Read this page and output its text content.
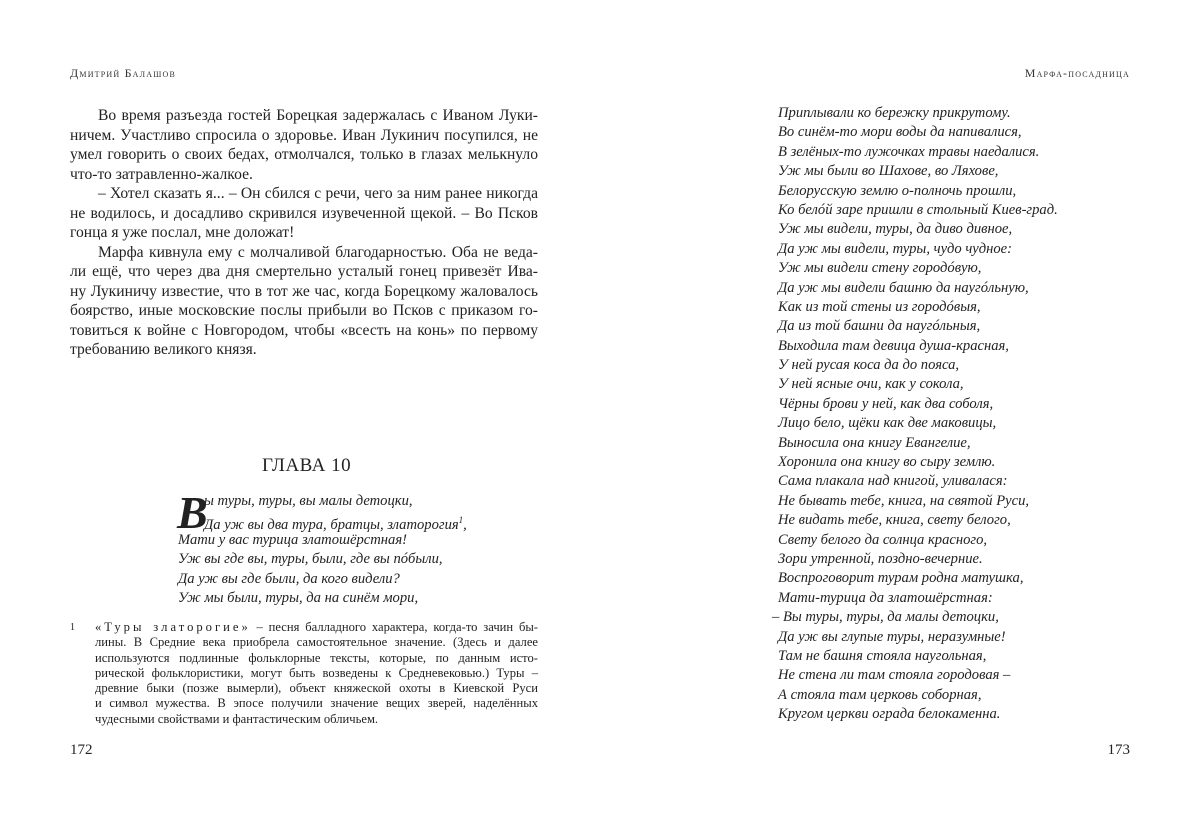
Дмитрий Балашов
Во время разъезда гостей Борецкая задержалась с Иваном Луки-
ничем. Участливо спросила о здоровье. Иван Лукинич посупился, не
умел говорить о своих бедах, отмолчался, только в глазах мелькнуло
что-то затравленно-жалкое.
– Хотел сказать я... – Он сбился с речи, чего за ним ранее никогда
не водилось, и досадливо скривился изувеченной щекой. – Во Псков
гонца я уже послал, мне доложат!
Марфа кивнула ему с молчаливой благодарностью. Оба не веда-
ли ещё, что через два дня смертельно усталый гонец привезёт Ива-
ну Лукиничу известие, что в тот же час, когда Борецкому жаловалось
боярство, иные московские послы прибыли во Псков с приказом го-
товиться к войне с Новгородом, чтобы «всесть на конь» по первому
требованию великого князя.
ГЛАВА 10
В
ы туры, туры, вы малы детоцки,
Да уж вы два тура, братцы, златорогия$^1$,
Мати у вас турица златошёрстная!
Уж вы где вы, туры, были, где вы пóбыли,
Да уж вы где были, да кого видели?
Уж мы были, туры, да на синём мори,
1 «Туры златорогие» – песня балладного характера, когда-то зачин бы-
лины. В Средние века приобрела самостоятельное значение. (Здесь и далее
используются подлинные фольклорные тексты, которые, по данным исто-
рической фольклористики, могут быть возведены к Средневековью.) Туры –
древние быки (позже вымерли), объект княжеской охоты в Киевской Руси
и символ мужества. В эпосе получили значение вещих зверей, наделённых
чудесными свойствами и фантастическим обличьем.
172
Марфа-посадница
Приплывали ко бережку прикрутому.
Во синём-то мори воды да напивалися,
В зелёных-то лужочках травы наедалися.
Уж мы были во Шахове, во Ляхове,
Белорусскую землю о-полночь прошли,
Ко белóй заре пришли в стольный Киев-град.
Уж мы видели, туры, да диво дивное,
Да уж мы видели, туры, чудо чудное:
Уж мы видели стену городóвую,
Да уж мы видели башню да наугóльную,
Как из той стены из городóвыя,
Да из той башни да наугóльныя,
Выходила там девица душа-красная,
У ней русая коса да до пояса,
У ней ясные очи, как у сокола,
Чёрны брови у ней, как два соболя,
Лицо бело, щёки как две маковицы,
Выносила она книгу Евангелие,
Хоронила она книгу во сыру землю.
Сама плакала над книгой, уливалася:
Не бывать тебе, книга, на святой Руси,
Не видать тебе, книга, свету белого,
Свету белого да солнца красного,
Зори утренной, поздно-вечерние.
Воспроговорит турам родна матушка,
Мати-турица да златошёрстная:
– Вы туры, туры, да малы детоцки,
Да уж вы глупые туры, неразумные!
Там не башня стояла наугольная,
Не стена ли там стояла городовая –
А стояла там церковь соборная,
Кругом церкви ограда белокаменна.
173
